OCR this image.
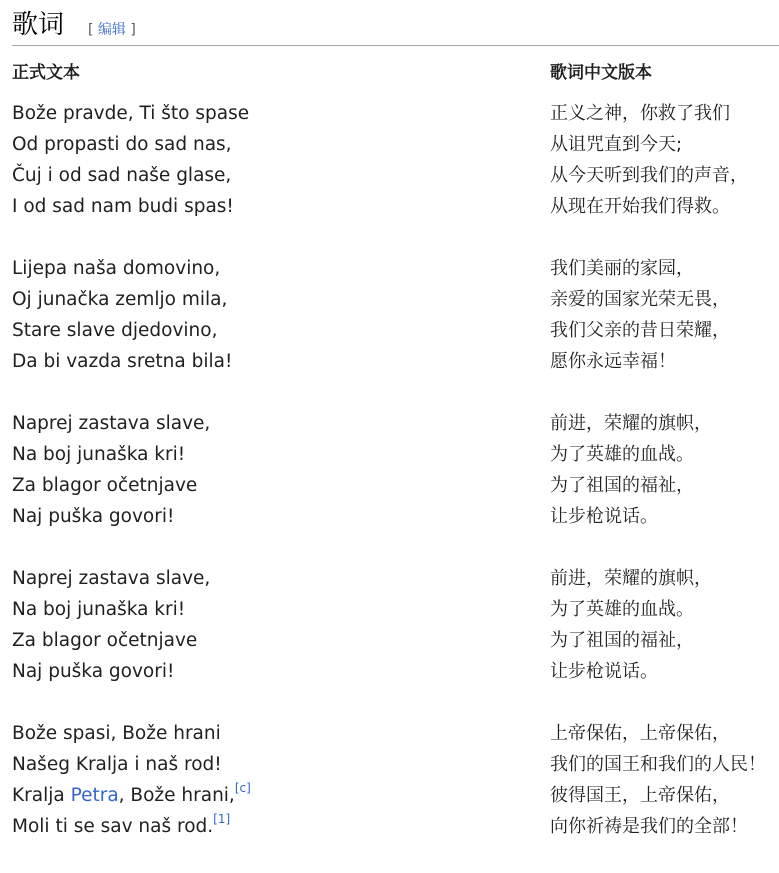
歌词 [ 编辑 ]
正式文本
Bože pravde, Ti što spase
Od propasti do sad nas,
Čuj i od sad naše glase,
I od sad nam budi spas!
Lijepa naša domovino,
Oj junačka zemljo mila,
Stare slave djedovino,
Da bi vazda sretna bila!
Naprej zastava slave,
Na boj junaška kri!
Za blagor očetnjave
Naj puška govori!
Naprej zastava slave,
Na boj junaška kri!
Za blagor očetnjave
Naj puška govori!
Bože spasi, Bože hrani
Našeg Kralja i naš rod!
Kralja Petra, Bože hrani,[c]
Moli ti se sav naš rod.[1]
歌词中文版本
正义之神，你救了我们
从诅咒直到今天;
从今天听到我们的声音，
从现在开始我们得救。
我们美丽的家园，
亲爱的国家光荣无畏，
我们父亲的昔日荣耀，
愿你永远幸福！
前进，荣耀的旗帜，
为了英雄的血战。
为了祖国的福祉，
让步枪说话。
前进，荣耀的旗帜，
为了英雄的血战。
为了祖国的福祉，
让步枪说话。
上帝保佑，上帝保佑，
我们的国王和我们的人民！
彼得国王，上帝保佑，
向你祈祷是我们的全部！
